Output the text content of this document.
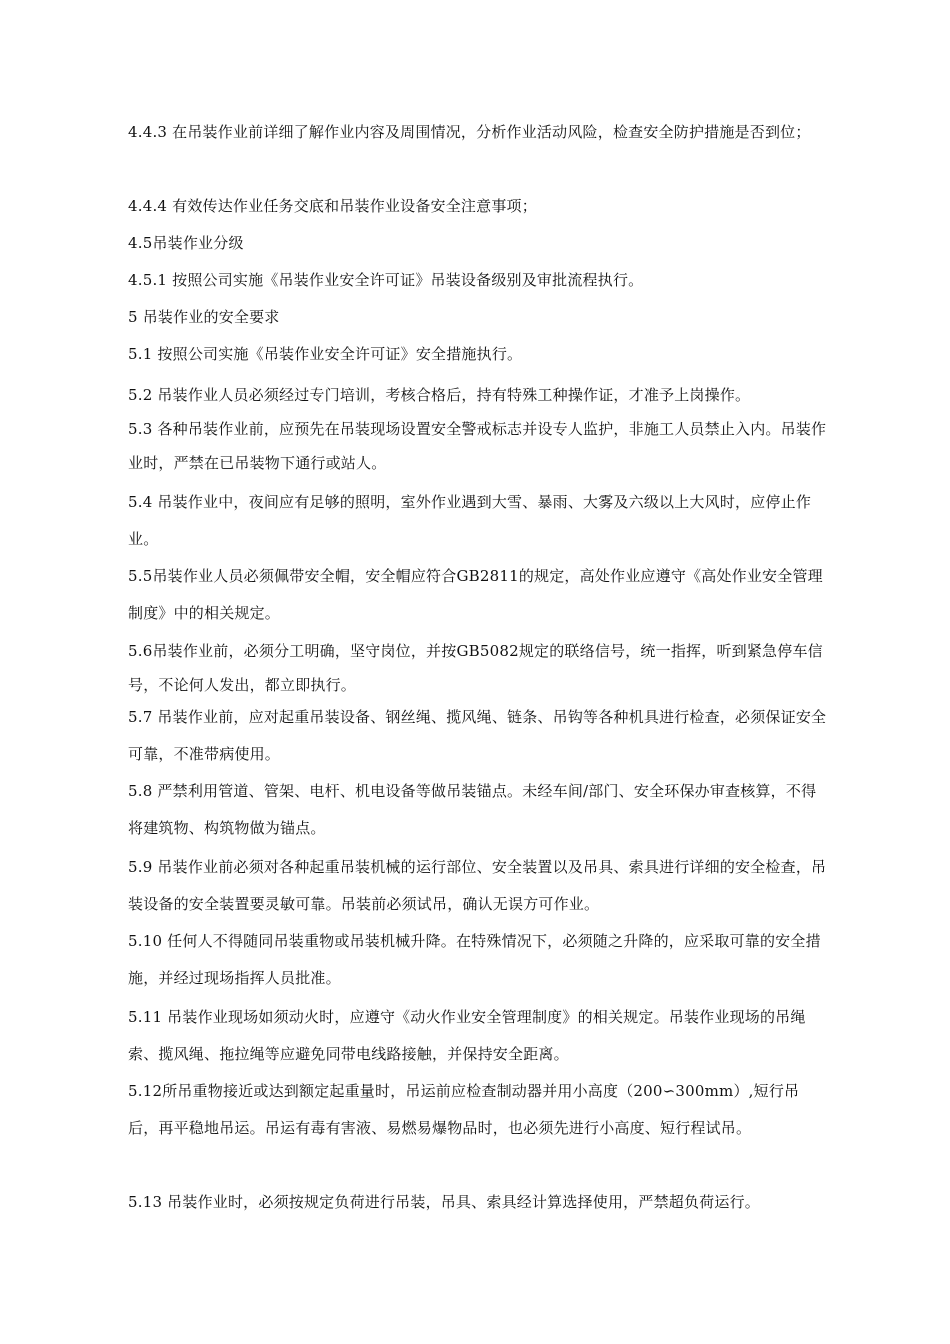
4.4.3 在吊装作业前详细了解作业内容及周围情况，分析作业活动风险，检查安全防护措施是否到位；

4.4.4 有效传达作业任务交底和吊装作业设备安全注意事项；

4.5吊装作业分级

4.5.1 按照公司实施《吊装作业安全许可证》吊装设备级别及审批流程执行。

5 吊装作业的安全要求

5.1 按照公司实施《吊装作业安全许可证》安全措施执行。

5.2 吊装作业人员必须经过专门培训，考核合格后，持有特殊工种操作证，才准予上岗操作。

5.3 各种吊装作业前，应预先在吊装现场设置安全警戒标志并设专人监护，非施工人员禁止入内。吊装作业时，严禁在已吊装物下通行或站人。

5.4 吊装作业中，夜间应有足够的照明，室外作业遇到大雪、暴雨、大雾及六级以上大风时，应停止作业。

5.5吊装作业人员必须佩带安全帽，安全帽应符合GB2811的规定，高处作业应遵守《高处作业安全管理制度》中的相关规定。

5.6吊装作业前，必须分工明确，坚守岗位，并按GB5082规定的联络信号，统一指挥，听到紧急停车信号，不论何人发出，都立即执行。

5.7 吊装作业前，应对起重吊装设备、钢丝绳、揽风绳、链条、吊钩等各种机具进行检查，必须保证安全可靠，不准带病使用。

5.8 严禁利用管道、管架、电杆、机电设备等做吊装锚点。未经车间/部门、安全环保办审查核算，不得将建筑物、构筑物做为锚点。

5.9 吊装作业前必须对各种起重吊装机械的运行部位、安全装置以及吊具、索具进行详细的安全检查，吊装设备的安全装置要灵敏可靠。吊装前必须试吊，确认无误方可作业。

5.10 任何人不得随同吊装重物或吊装机械升降。在特殊情况下，必须随之升降的，应采取可靠的安全措施，并经过现场指挥人员批准。

5.11 吊装作业现场如须动火时，应遵守《动火作业安全管理制度》的相关规定。吊装作业现场的吊绳索、揽风绳、拖拉绳等应避免同带电线路接触，并保持安全距离。

5.12所吊重物接近或达到额定起重量时，吊运前应检查制动器并用小高度（200∽300mm）,短行吊后，再平稳地吊运。吊运有毒有害液、易燃易爆物品时，也必须先进行小高度、短行程试吊。

5.13 吊装作业时，必须按规定负荷进行吊装，吊具、索具经计算选择使用，严禁超负荷运行。
